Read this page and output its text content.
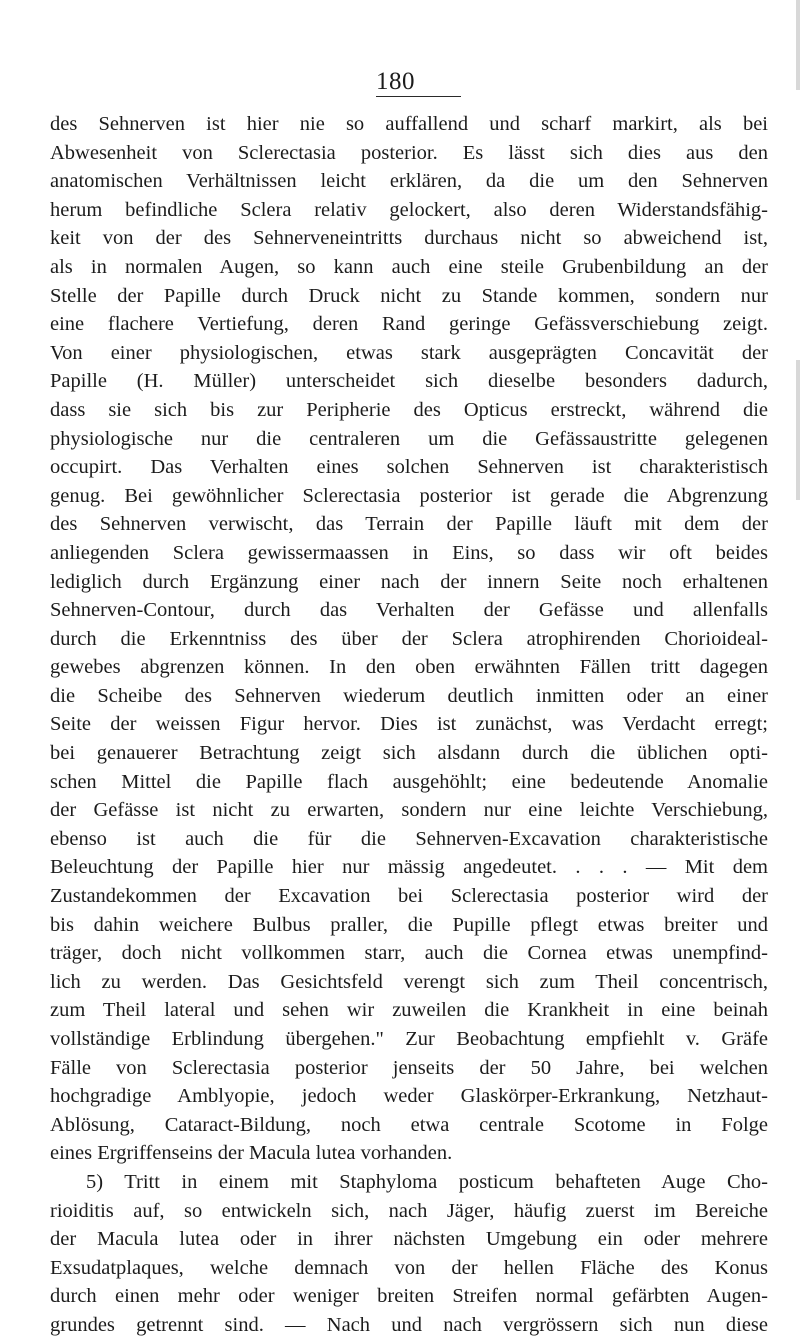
180
des Sehnerven ist hier nie so auffallend und scharf markirt, als bei
Abwesenheit von Sclerectasia posterior. Es lässt sich dies aus den
anatomischen Verhältnissen leicht erklären, da die um den Sehnerven
herum befindliche Sclera relativ gelockert, also deren Widerstandsfähig-
keit von der des Sehnerveneintritts durchaus nicht so abweichend ist,
als in normalen Augen, so kann auch eine steile Grubenbildung an der
Stelle der Papille durch Druck nicht zu Stande kommen, sondern nur
eine flachere Vertiefung, deren Rand geringe Gefässverschiebung zeigt.
Von einer physiologischen, etwas stark ausgeprägten Concavität der
Papille (H. Müller) unterscheidet sich dieselbe besonders dadurch,
dass sie sich bis zur Peripherie des Opticus erstreckt, während die
physiologische nur die centraleren um die Gefässaustritte gelegenen
occupirt. Das Verhalten eines solchen Sehnerven ist charakteristisch
genug. Bei gewöhnlicher Sclerectasia posterior ist gerade die Abgrenzung
des Sehnerven verwischt, das Terrain der Papille läuft mit dem der
anliegenden Sclera gewissermaassen in Eins, so dass wir oft beides
lediglich durch Ergänzung einer nach der innern Seite noch erhaltenen
Sehnerven-Contour, durch das Verhalten der Gefässe und allenfalls
durch die Erkenntniss des über der Sclera atrophirenden Chorioideal-
gewebes abgrenzen können. In den oben erwähnten Fällen tritt dagegen
die Scheibe des Sehnerven wiederum deutlich inmitten oder an einer
Seite der weissen Figur hervor. Dies ist zunächst, was Verdacht erregt;
bei genauerer Betrachtung zeigt sich alsdann durch die üblichen opti-
schen Mittel die Papille flach ausgehöhlt; eine bedeutende Anomalie
der Gefässe ist nicht zu erwarten, sondern nur eine leichte Verschiebung,
ebenso ist auch die für die Sehnerven-Excavation charakteristische
Beleuchtung der Papille hier nur mässig angedeutet. . . . — Mit dem
Zustandekommen der Excavation bei Sclerectasia posterior wird der
bis dahin weichere Bulbus praller, die Pupille pflegt etwas breiter und
träger, doch nicht vollkommen starr, auch die Cornea etwas unempfind-
lich zu werden. Das Gesichtsfeld verengt sich zum Theil concentrisch,
zum Theil lateral und sehen wir zuweilen die Krankheit in eine beinah
vollständige Erblindung übergehen." Zur Beobachtung empfiehlt v. Gräfe
Fälle von Sclerectasia posterior jenseits der 50 Jahre, bei welchen
hochgradige Amblyopie, jedoch weder Glaskörper-Erkrankung, Netzhaut-
Ablösung, Cataract-Bildung, noch etwa centrale Scotome in Folge
eines Ergriffenseins der Macula lutea vorhanden.
5) Tritt in einem mit Staphyloma posticum behafteten Auge Cho-
rioiditis auf, so entwickeln sich, nach Jäger, häufig zuerst im Bereiche
der Macula lutea oder in ihrer nächsten Umgebung ein oder mehrere
Exsudatplaques, welche demnach von der hellen Fläche des Konus
durch einen mehr oder weniger breiten Streifen normal gefärbten Augen-
grundes getrennt sind. — Nach und nach vergrössern sich nun diese
